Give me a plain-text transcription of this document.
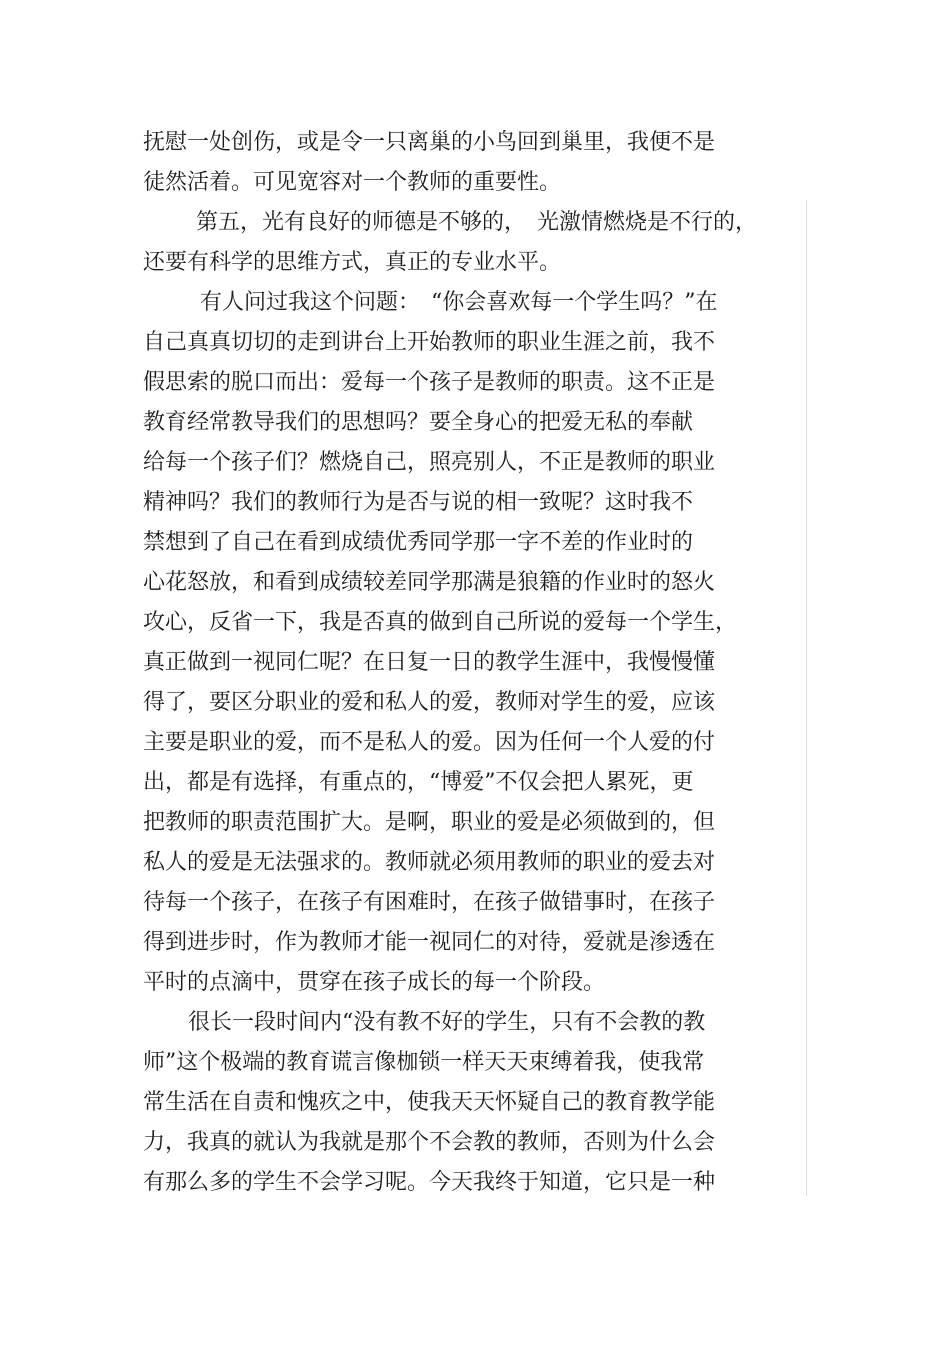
抚慰一处创伤，或是令一只离巢的小鸟回到巢里，我便不是
徒然活着。可见宽容对一个教师的重要性。
第五，光有良好的师德是不够的，　光激情燃烧是不行的，
还要有科学的思维方式，真正的专业水平。
有人问过我这个问题：　“你会喜欢每一个学生吗？”在
自己真真切切的走到讲台上开始教师的职业生涯之前，我不
假思索的脱口而出：爱每一个孩子是教师的职责。这不正是
教育经常教导我们的思想吗？要全身心的把爱无私的奉献
给每一个孩子们？燃烧自己，照亮别人，不正是教师的职业
精神吗？我们的教师行为是否与说的相一致呢？这时我不
禁想到了自己在看到成绩优秀同学那一字不差的作业时的
心花怒放，和看到成绩较差同学那满是狼籍的作业时的怒火
攻心，反省一下，我是否真的做到自己所说的爱每一个学生，
真正做到一视同仁呢？在日复一日的教学生涯中，我慢慢懂
得了，要区分职业的爱和私人的爱，教师对学生的爱，应该
主要是职业的爱，而不是私人的爱。因为任何一个人爱的付
出，都是有选择，有重点的，“博爱”不仅会把人累死，更
把教师的职责范围扩大。是啊，职业的爱是必须做到的，但
私人的爱是无法强求的。教师就必须用教师的职业的爱去对
待每一个孩子，在孩子有困难时，在孩子做错事时，在孩子
得到进步时，作为教师才能一视同仁的对待，爱就是渗透在
平时的点滴中，贯穿在孩子成长的每一个阶段。
很长一段时间内“没有教不好的学生，只有不会教的教
师”这个极端的教育谎言像枷锁一样天天束缚着我，使我常
常生活在自责和愧疚之中，使我天天怀疑自己的教育教学能
力，我真的就认为我就是那个不会教的教师，否则为什么会
有那么多的学生不会学习呢。今天我终于知道，它只是一种
